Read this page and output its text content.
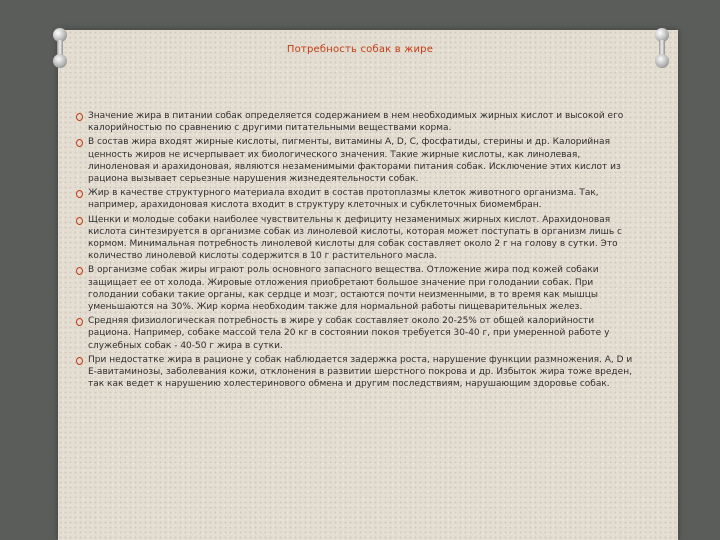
Потребность собак в жире
Значение жира в питании собак определяется содержанием в нем необходимых жирных кислот и высокой его калорийностью по сравнению с другими питательными веществами корма.
В состав жира входят жирные кислоты, пигменты, витамины А, D, С, фосфатиды, стерины и др. Калорийная ценность жиров не исчерпывает их биологического значения. Такие жирные кислоты, как линолевая, линоленовая и арахидоновая, являются незаменимыми факторами питания собак. Исключение этих кислот из рациона вызывает серьезные нарушения жизнедеятельности собак.
Жир в качестве структурного материала входит в состав протоплазмы клеток животного организма. Так, например, арахидоновая кислота входит в структуру клеточных и субклеточных биомембран.
Щенки и молодые собаки наиболее чувствительны к дефициту незаменимых жирных кислот. Арахидоновая кислота синтезируется в организме собак из линолевой кислоты, которая может поступать в организм лишь с кормом. Минимальная потребность линолевой кислоты для собак составляет около 2 г на голову в сутки. Это количество линолевой кислоты содержится в 10 г растительного масла.
В организме собак жиры играют роль основного запасного вещества. Отложение жира под кожей собаки защищает ее от холода. Жировые отложения приобретают большое значение при голодании собак. При голодании собаки такие органы, как сердце и мозг, остаются почти неизменными, в то время как мышцы уменьшаются на 30%. Жир корма необходим также для нормальной работы пищеварительных желез.
Средняя физиологическая потребность в жире у собак составляет около 20-25% от общей калорийности рациона. Например, собаке массой тела 20 кг в состоянии покоя требуется 30-40 г, при умеренной работе у служебных собак - 40-50 г жира в сутки.
При недостатке жира в рационе у собак наблюдается задержка роста, нарушение функции размножения. А, D и Е-авитаминозы, заболевания кожи, отклонения в развитии шерстного покрова и др. Избыток жира тоже вреден, так как ведет к нарушению холестеринового обмена и другим последствиям, нарушающим здоровье собак.
